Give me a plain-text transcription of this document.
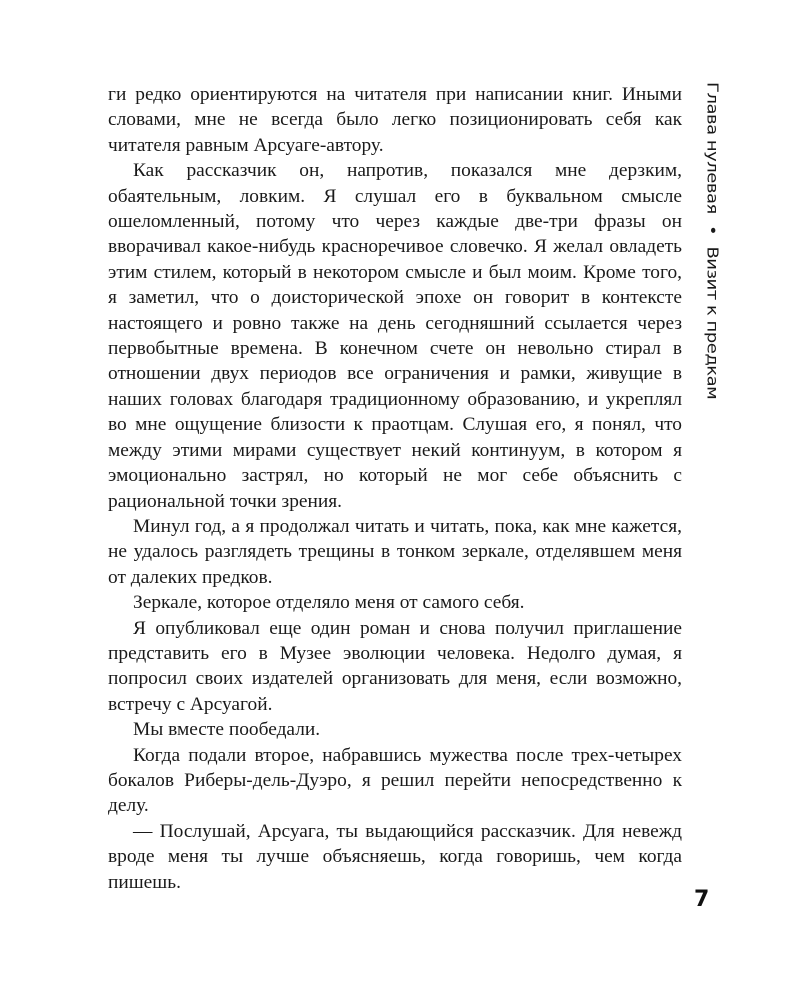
ги редко ориентируются на читателя при написании книг. Иными словами, мне не всегда было легко позиционировать себя как читателя равным Арсуаге-автору.

Как рассказчик он, напротив, показался мне дерзким, обаятельным, ловким. Я слушал его в буквальном смысле ошеломленный, потому что через каждые две-три фразы он вворачивал какое-нибудь красноречивое словечко. Я желал овладеть этим стилем, который в некотором смысле и был моим. Кроме того, я заметил, что о доисторической эпохе он говорит в контексте настоящего и ровно также на день сегодняшний ссылается через первобытные времена. В конечном счете он невольно стирал в отношении двух периодов все ограничения и рамки, живущие в наших головах благодаря традиционному образованию, и укреплял во мне ощущение близости к праотцам. Слушая его, я понял, что между этими мирами существует некий континуум, в котором я эмоционально застрял, но который не мог себе объяснить с рациональной точки зрения.

Минул год, а я продолжал читать и читать, пока, как мне кажется, не удалось разглядеть трещины в тонком зеркале, отделявшем меня от далеких предков.

Зеркале, которое отделяло меня от самого себя.

Я опубликовал еще один роман и снова получил приглашение представить его в Музее эволюции человека. Недолго думая, я попросил своих издателей организовать для меня, если возможно, встречу с Арсуагой.

Мы вместе пообедали.

Когда подали второе, набравшись мужества после трех-четырех бокалов Риберы-дель-Дуэро, я решил перейти непосредственно к делу.

— Послушай, Арсуага, ты выдающийся рассказчик. Для невежд вроде меня ты лучше объясняешь, когда говоришь, чем когда пишешь.

Глава нулевая • Визит к предкам
7
